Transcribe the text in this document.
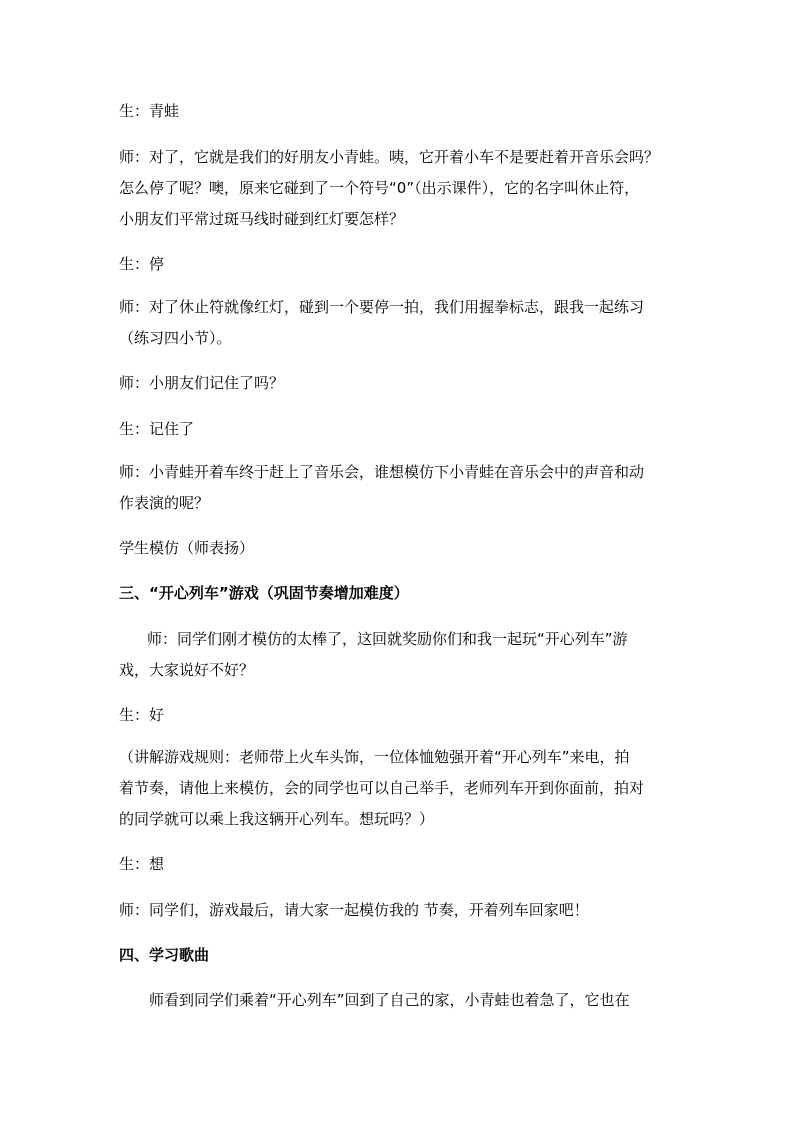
生：青蛙
师：对了，它就是我们的好朋友小青蛙。咦，它开着小车不是要赶着开音乐会吗？
怎么停了呢？噢，原来它碰到了一个符号“0”（出示课件），它的名字叫休止符，
小朋友们平常过斑马线时碰到红灯要怎样？
生：停
师：对了休止符就像红灯，碰到一个要停一拍，我们用握拳标志，跟我一起练习
（练习四小节）。
师：小朋友们记住了吗？
生：记住了
师：小青蛙开着车终于赶上了音乐会，谁想模仿下小青蛙在音乐会中的声音和动
作表演的呢？
学生模仿（师表扬）
三、“开心列车”游戏（巩固节奏增加难度）
师：同学们刚才模仿的太棒了，这回就奖励你们和我一起玩“开心列车”游
戏，大家说好不好？
生：好
（讲解游戏规则：老师带上火车头饰，一位体恤勉强开着“开心列车”来电，拍
着节奏，请他上来模仿，会的同学也可以自己举手，老师列车开到你面前，拍对
的同学就可以乘上我这辆开心列车。想玩吗？）
生：想
师：同学们，游戏最后，请大家一起模仿我的 节奏，开着列车回家吧！
四、学习歌曲
师看到同学们乘着“开心列车”回到了自己的家，小青蛙也着急了，它也在
